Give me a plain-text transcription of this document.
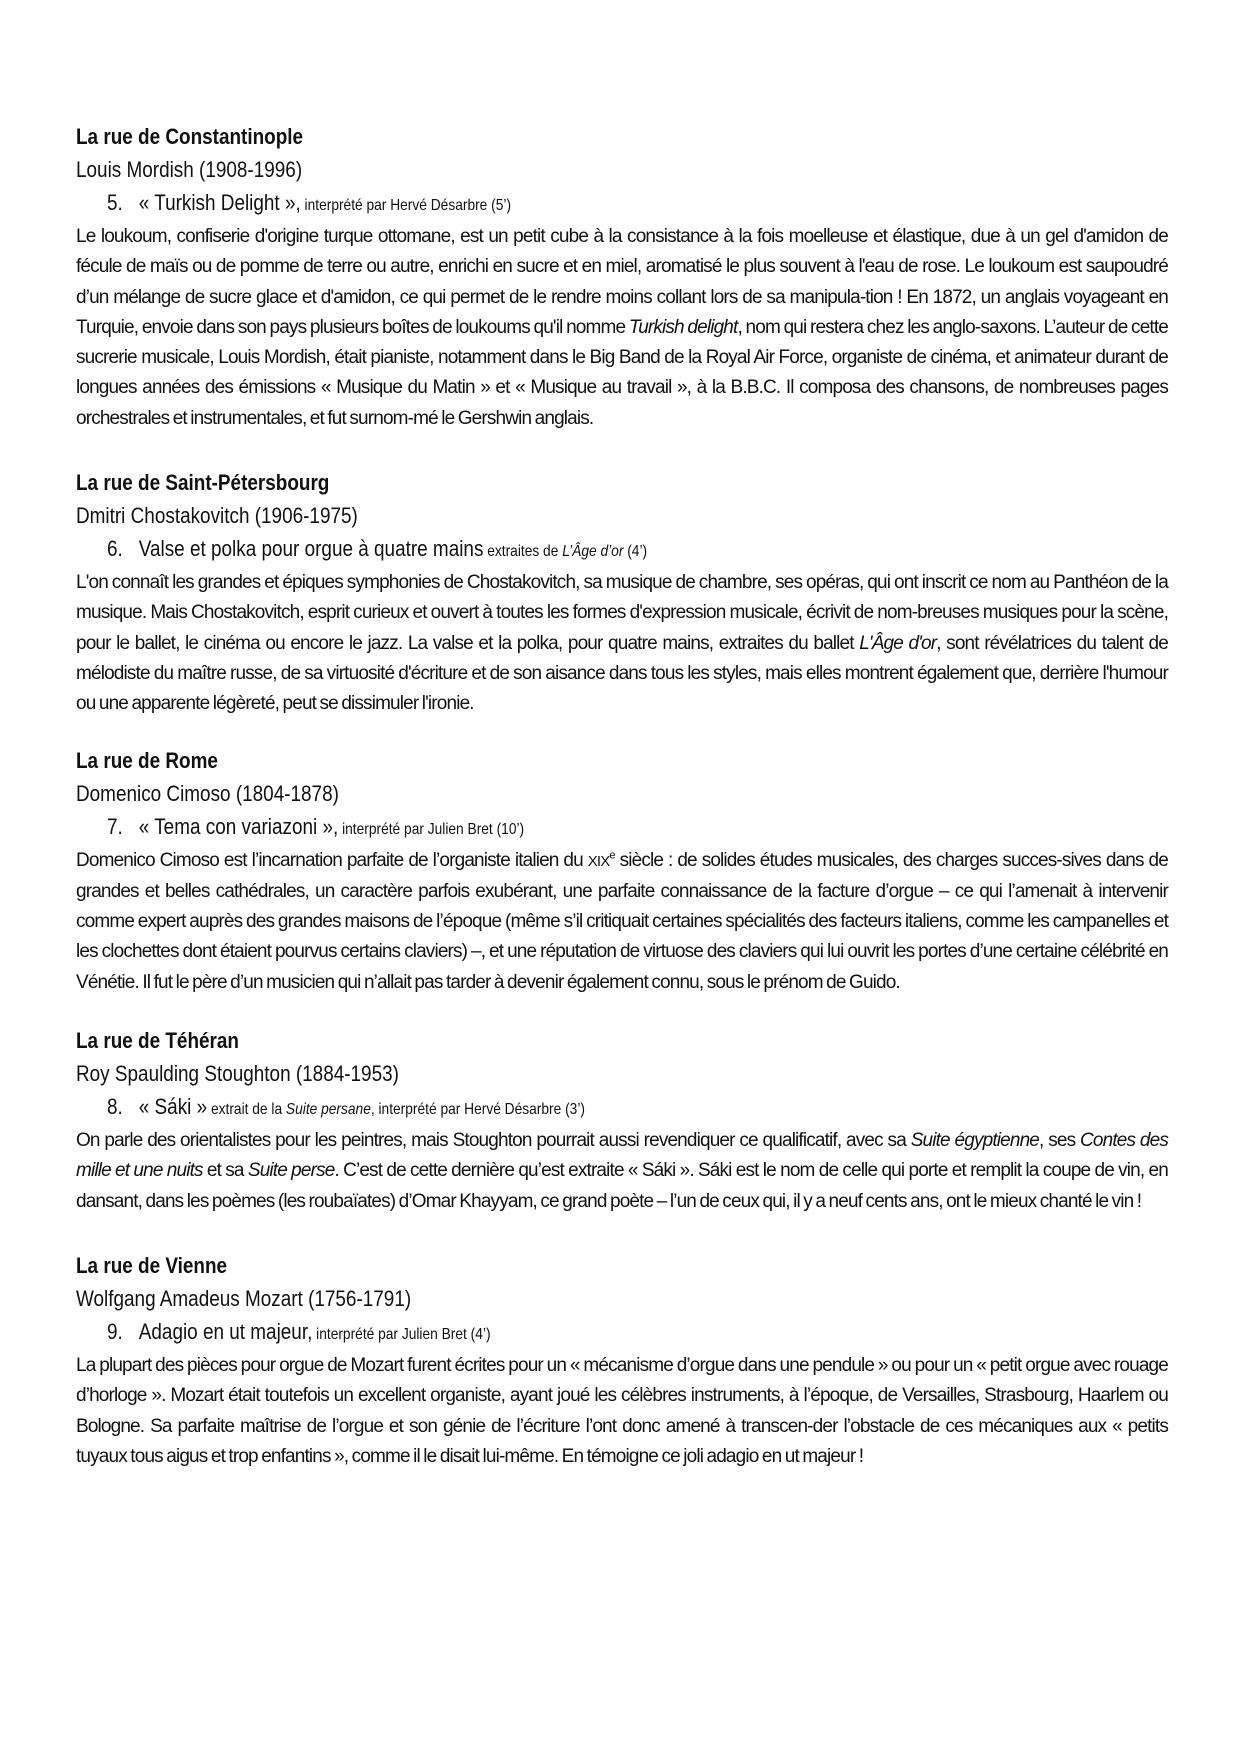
La rue de Constantinople
Louis Mordish (1908-1996)
5. « Turkish Delight », interprété par Hervé Désarbre (5’)
Le loukoum, confiserie d'origine turque ottomane, est un petit cube à la consistance à la fois moelleuse et élastique, due à un gel d'amidon de fécule de maïs ou de pomme de terre ou autre, enrichi en sucre et en miel, aromatisé le plus souvent à l'eau de rose. Le loukoum est saupoudré d’un mélange de sucre glace et d'amidon, ce qui permet de le rendre moins collant lors de sa manipula-tion ! En 1872, un anglais voyageant en Turquie, envoie dans son pays plusieurs boîtes de loukoums qu'il nomme Turkish delight, nom qui restera chez les anglo-saxons. L’auteur de cette sucrerie musicale, Louis Mordish, était pianiste, notamment dans le Big Band de la Royal Air Force, organiste de cinéma, et animateur durant de longues années des émissions « Musique du Matin » et « Musique au travail », à la B.B.C. Il composa des chansons, de nombreuses pages orchestrales et instrumentales, et fut surnom-mé le Gershwin anglais.
La rue de Saint-Pétersbourg
Dmitri Chostakovitch (1906-1975)
6. Valse et polka pour orgue à quatre mains extraites de L’Âge d’or (4’)
L'on connaît les grandes et épiques symphonies de Chostakovitch, sa musique de chambre, ses opéras, qui ont inscrit ce nom au Panthéon de la musique. Mais Chostakovitch, esprit curieux et ouvert à toutes les formes d'expression musicale, écrivit de nom-breuses musiques pour la scène, pour le ballet, le cinéma ou encore le jazz. La valse et la polka, pour quatre mains, extraites du ballet L'Âge d'or, sont révélatrices du talent de mélodiste du maître russe, de sa virtuosité d'écriture et de son aisance dans tous les styles, mais elles montrent également que, derrière l'humour ou une apparente légèreté, peut se dissimuler l'ironie.
La rue de Rome
Domenico Cimoso (1804-1878)
7. « Tema con variazoni », interprété par Julien Bret (10’)
Domenico Cimoso est l’incarnation parfaite de l’organiste italien du XIXe siècle : de solides études musicales, des charges succes-sives dans de grandes et belles cathédrales, un caractère parfois exubérant, une parfaite connaissance de la facture d’orgue – ce qui l’amenait à intervenir comme expert auprès des grandes maisons de l’époque (même s’il critiquait certaines spécialités des facteurs italiens, comme les campanelles et les clochettes dont étaient pourvus certains claviers) –, et une réputation de virtuose des claviers qui lui ouvrit les portes d’une certaine célébrité en Vénétie. Il fut le père d’un musicien qui n’allait pas tarder à devenir également connu, sous le prénom de Guido.
La rue de Téhéran
Roy Spaulding Stoughton (1884-1953)
8. « Sáki » extrait de la Suite persane, interprété par Hervé Désarbre (3’)
On parle des orientalistes pour les peintres, mais Stoughton pourrait aussi revendiquer ce qualificatif, avec sa Suite égyptienne, ses Contes des mille et une nuits et sa Suite perse. C’est de cette dernière qu’est extraite « Sáki ». Sáki est le nom de celle qui porte et remplit la coupe de vin, en dansant, dans les poèmes (les roubaïates) d’Omar Khayyam, ce grand poète – l’un de ceux qui, il y a neuf cents ans, ont le mieux chanté le vin !
La rue de Vienne
Wolfgang Amadeus Mozart (1756-1791)
9. Adagio en ut majeur, interprété par Julien Bret (4’)
La plupart des pièces pour orgue de Mozart furent écrites pour un « mécanisme d’orgue dans une pendule » ou pour un « petit orgue avec rouage d’horloge ». Mozart était toutefois un excellent organiste, ayant joué les célèbres instruments, à l’époque, de Versailles, Strasbourg, Haarlem ou Bologne. Sa parfaite maîtrise de l’orgue et son génie de l’écriture l’ont donc amené à transcen-der l’obstacle de ces mécaniques aux « petits tuyaux tous aigus et trop enfantins », comme il le disait lui-même. En témoigne ce joli adagio en ut majeur !
